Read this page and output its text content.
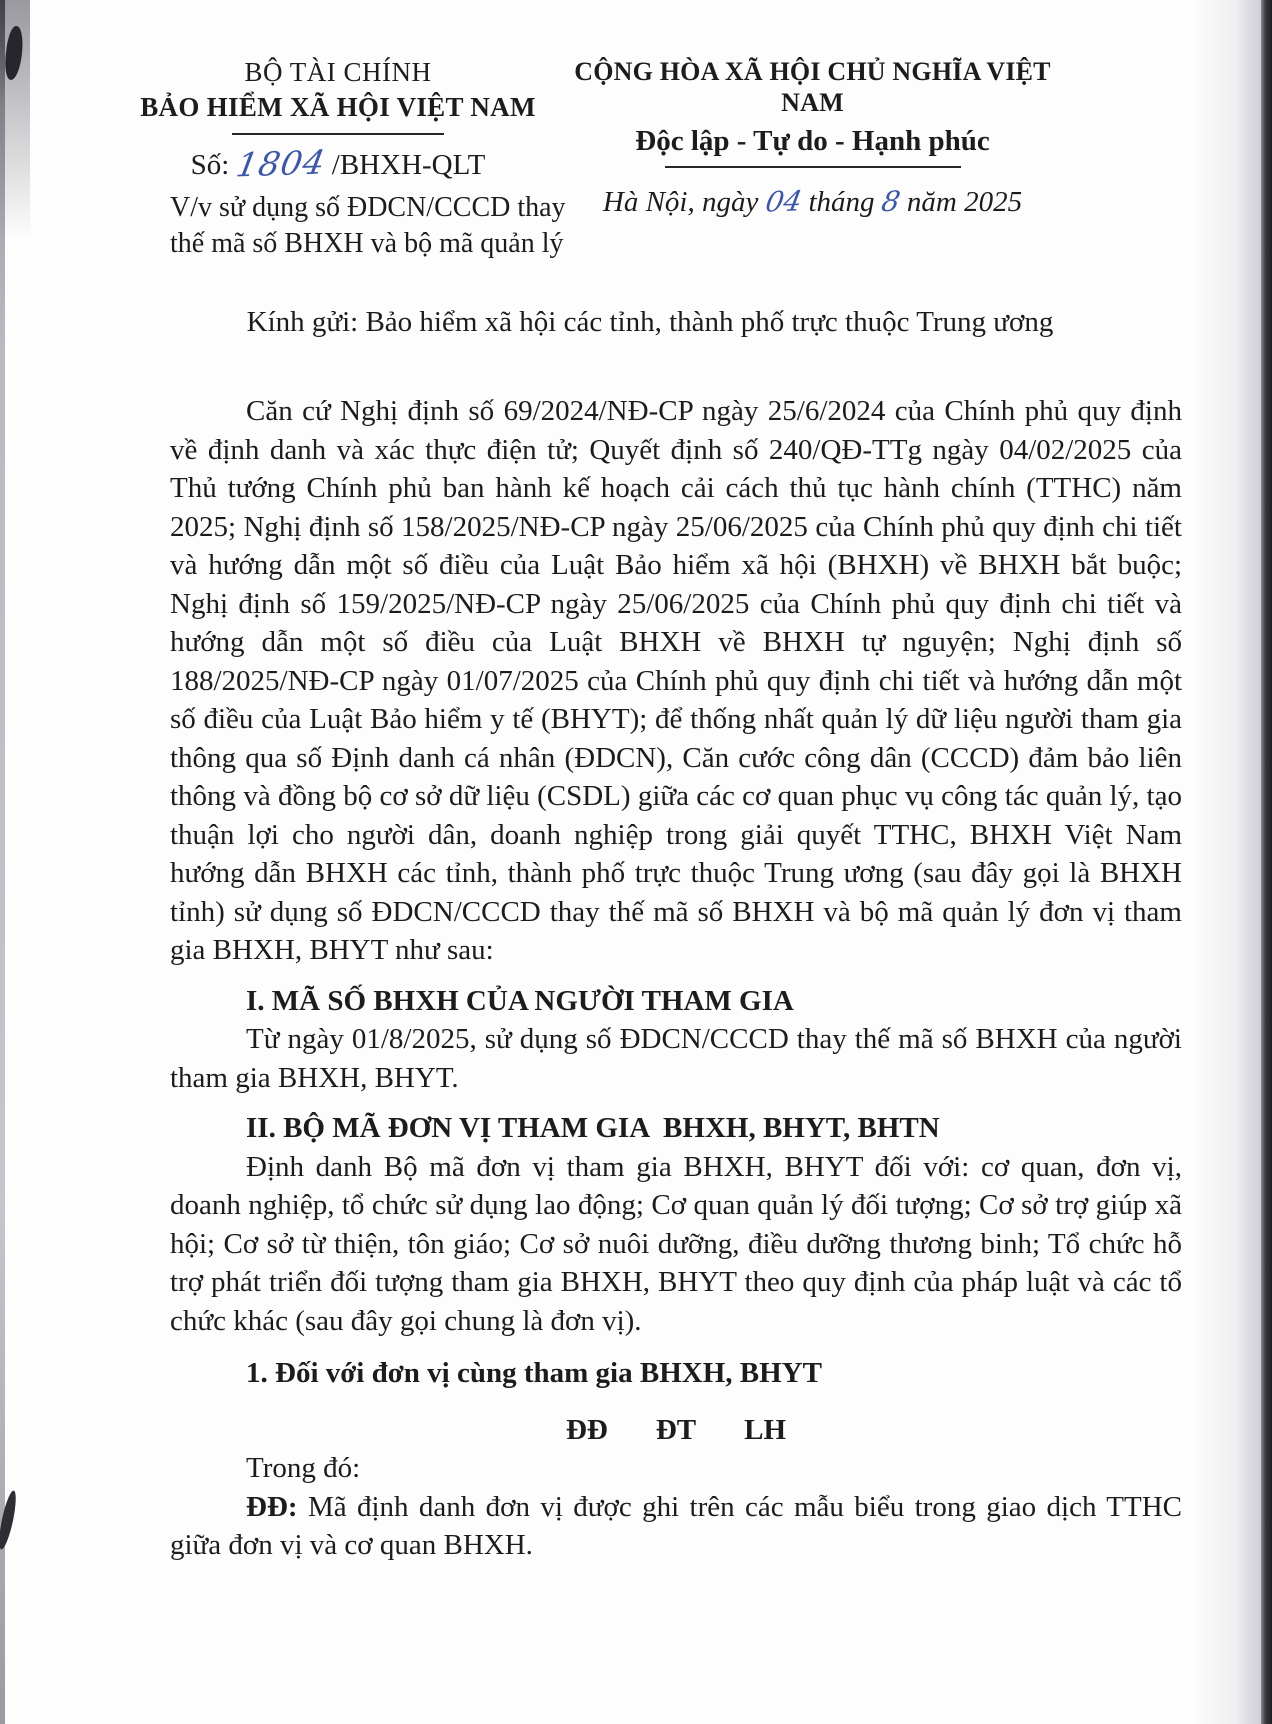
BỘ TÀI CHÍNH
BẢO HIỂM XÃ HỘI VIỆT NAM
Số: 1804 /BHXH-QLT
V/v sử dụng số ĐDCN/CCCD thay
thế mã số BHXH và bộ mã quản lý
CỘNG HÒA XÃ HỘI CHỦ NGHĨA VIỆT NAM
Độc lập - Tự do - Hạnh phúc
Hà Nội, ngày 04 tháng 8 năm 2025
Kính gửi: Bảo hiểm xã hội các tỉnh, thành phố trực thuộc Trung ương

Căn cứ Nghị định số 69/2024/NĐ-CP ngày 25/6/2024 của Chính phủ quy định về định danh và xác thực điện tử; Quyết định số 240/QĐ-TTg ngày 04/02/2025 của Thủ tướng Chính phủ ban hành kế hoạch cải cách thủ tục hành chính (TTHC) năm 2025; Nghị định số 158/2025/NĐ-CP ngày 25/06/2025 của Chính phủ quy định chi tiết và hướng dẫn một số điều của Luật Bảo hiểm xã hội (BHXH) về BHXH bắt buộc; Nghị định số 159/2025/NĐ-CP ngày 25/06/2025 của Chính phủ quy định chi tiết và hướng dẫn một số điều của Luật BHXH về BHXH tự nguyện; Nghị định số 188/2025/NĐ-CP ngày 01/07/2025 của Chính phủ quy định chi tiết và hướng dẫn một số điều của Luật Bảo hiểm y tế (BHYT); để thống nhất quản lý dữ liệu người tham gia thông qua số Định danh cá nhân (ĐDCN), Căn cước công dân (CCCD) đảm bảo liên thông và đồng bộ cơ sở dữ liệu (CSDL) giữa các cơ quan phục vụ công tác quản lý, tạo thuận lợi cho người dân, doanh nghiệp trong giải quyết TTHC, BHXH Việt Nam hướng dẫn BHXH các tỉnh, thành phố trực thuộc Trung ương (sau đây gọi là BHXH tỉnh) sử dụng số ĐDCN/CCCD thay thế mã số BHXH và bộ mã quản lý đơn vị tham gia BHXH, BHYT như sau:

I. MÃ SỐ BHXH CỦA NGƯỜI THAM GIA

Từ ngày 01/8/2025, sử dụng số ĐDCN/CCCD thay thế mã số BHXH của người tham gia BHXH, BHYT.

II. BỘ MÃ ĐƠN VỊ THAM GIA  BHXH, BHYT, BHTN

Định danh Bộ mã đơn vị tham gia BHXH, BHYT đối với: cơ quan, đơn vị, doanh nghiệp, tổ chức sử dụng lao động; Cơ quan quản lý đối tượng; Cơ sở trợ giúp xã hội; Cơ sở từ thiện, tôn giáo; Cơ sở nuôi dưỡng, điều dưỡng thương binh; Tổ chức hỗ trợ phát triển đối tượng tham gia BHXH, BHYT theo quy định của pháp luật và các tổ chức khác (sau đây gọi chung là đơn vị).

1. Đối với đơn vị cùng tham gia BHXH, BHYT
ĐĐ ĐT LH

Trong đó:

ĐĐ: Mã định danh đơn vị được ghi trên các mẫu biểu trong giao dịch TTHC giữa đơn vị và cơ quan BHXH.
